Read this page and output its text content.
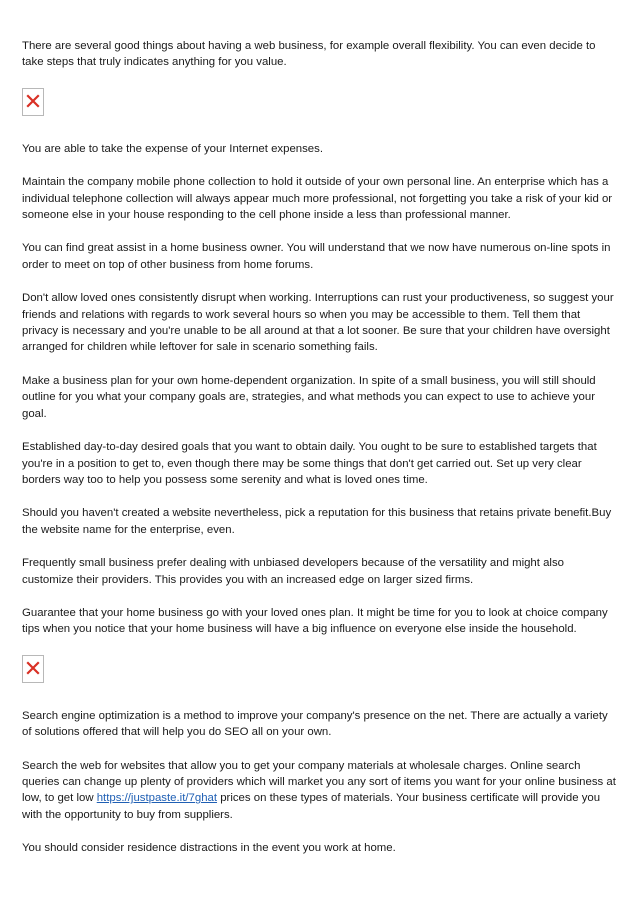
There are several good things about having a web business, for example overall flexibility. You can even decide to take steps that truly indicates anything for you value.

You are able to take the expense of your Internet expenses.

Maintain the company mobile phone collection to hold it outside of your own personal line. An enterprise which has a individual telephone collection will always appear much more professional, not forgetting you take a risk of your kid or someone else in your house responding to the cell phone inside a less than professional manner.

You can find great assist in a home business owner. You will understand that we now have numerous on-line spots in order to meet on top of other business from home forums.

Don't allow loved ones consistently disrupt when working. Interruptions can rust your productiveness, so suggest your friends and relations with regards to work several hours so when you may be accessible to them. Tell them that privacy is necessary and you're unable to be all around at that a lot sooner. Be sure that your children have oversight arranged for children while leftover for sale in scenario something fails.

Make a business plan for your own home-dependent organization. In spite of a small business, you will still should outline for you what your company goals are, strategies, and what methods you can expect to use to achieve your goal.

Established day-to-day desired goals that you want to obtain daily. You ought to be sure to established targets that you're in a position to get to, even though there may be some things that don't get carried out. Set up very clear borders way too to help you possess some serenity and what is loved ones time.

Should you haven't created a website nevertheless, pick a reputation for this business that retains private benefit.Buy the website name for the enterprise, even.

Frequently small business prefer dealing with unbiased developers because of the versatility and might also customize their providers. This provides you with an increased edge on larger sized firms.

Guarantee that your home business go with your loved ones plan. It might be time for you to look at choice company tips when you notice that your home business will have a big influence on everyone else inside the household.

Search engine optimization is a method to improve your company's presence on the net. There are actually a variety of solutions offered that will help you do SEO all on your own.

Search the web for websites that allow you to get your company materials at wholesale charges. Online search queries can change up plenty of providers which will market you any sort of items you want for your online business at low, to get low https://justpaste.it/7ghat prices on these types of materials. Your business certificate will provide you with the opportunity to buy from suppliers.

You should consider residence distractions in the event you work at home.
